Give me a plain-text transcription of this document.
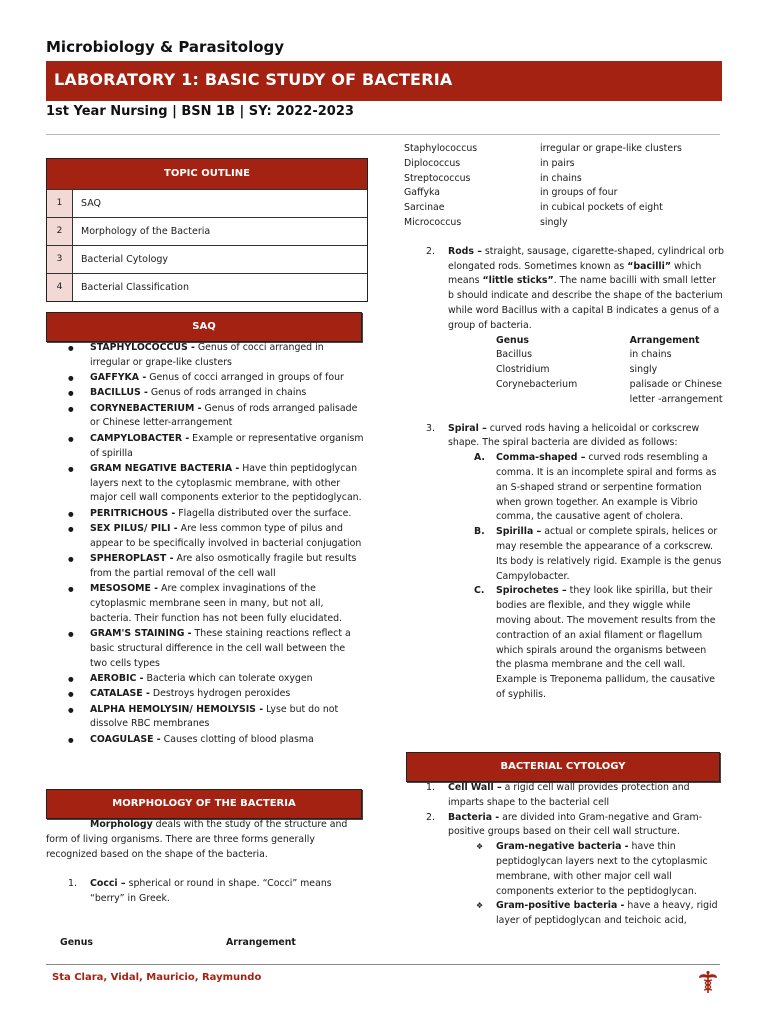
Microbiology & Parasitology
LABORATORY 1: BASIC STUDY OF BACTERIA
1st Year Nursing | BSN 1B | SY: 2022-2023
TOPIC OUTLINE
1	SAQ
2	Morphology of the Bacteria
3	Bacterial Cytology
4	Bacterial Classification
SAQ
● STAPHYLOCOCCUS - Genus of cocci arranged in irregular or grape-like clusters
● GAFFYKA - Genus of cocci arranged in groups of four
● BACILLUS - Genus of rods arranged in chains
● CORYNEBACTERIUM - Genus of rods arranged palisade or Chinese letter-arrangement
● CAMPYLOBACTER - Example or representative organism of spirilla
● GRAM NEGATIVE BACTERIA - Have thin peptidoglycan layers next to the cytoplasmic membrane, with other major cell wall components exterior to the peptidoglycan.
● PERITRICHOUS - Flagella distributed over the surface.
● SEX PILUS/ PILI - Are less common type of pilus and appear to be specifically involved in bacterial conjugation
● SPHEROPLAST - Are also osmotically fragile but results from the partial removal of the cell wall
● MESOSOME - Are complex invaginations of the cytoplasmic membrane seen in many, but not all, bacteria. Their function has not been fully elucidated.
● GRAM'S STAINING - These staining reactions reflect a basic structural difference in the cell wall between the two cells types
● AEROBIC - Bacteria which can tolerate oxygen
● CATALASE - Destroys hydrogen peroxides
● ALPHA HEMOLYSIN/ HEMOLYSIS - Lyse but do not dissolve RBC membranes
● COAGULASE - Causes clotting of blood plasma
MORPHOLOGY OF THE BACTERIA

Morphology deals with the study of the structure and form of living organisms. There are three forms generally recognized based on the shape of the bacteria.

1. Cocci – spherical or round in shape. “Cocci” means “berry” in Greek.
Genus	Arrangement
Staphylococcus	irregular or grape-like clusters
Diplococcus	in pairs
Streptococcus	in chains
Gaffyka	in groups of four
Sarcinae	in cubical pockets of eight
Micrococcus	singly
2. Rods – straight, sausage, cigarette-shaped, cylindrical orb elongated rods. Sometimes known as “bacilli” which means “little sticks”. The name bacilli with small letter b should indicate and describe the shape of the bacterium while word Bacillus with a capital B indicates a genus of a group of bacteria.
Genus	Arrangement
Bacillus	in chains
Clostridium	singly
Corynebacterium	palisade or Chinese letter -arrangement
3. Spiral – curved rods having a helicoidal or corkscrew shape. The spiral bacteria are divided as follows:
A. Comma-shaped – curved rods resembling a comma. It is an incomplete spiral and forms as an S-shaped strand or serpentine formation when grown together. An example is Vibrio comma, the causative agent of cholera.
B. Spirilla – actual or complete spirals, helices or may resemble the appearance of a corkscrew. Its body is relatively rigid. Example is the genus Campylobacter.
C. Spirochetes – they look like spirilla, but their bodies are flexible, and they wiggle while moving about. The movement results from the contraction of an axial filament or flagellum which spirals around the organisms between the plasma membrane and the cell wall. Example is Treponema pallidum, the causative of syphilis.
BACTERIAL CYTOLOGY
1. Cell Wall – a rigid cell wall provides protection and imparts shape to the bacterial cell
2. Bacteria - are divided into Gram-negative and Gram-positive groups based on their cell wall structure.
❖ Gram-negative bacteria - have thin peptidoglycan layers next to the cytoplasmic membrane, with other major cell wall components exterior to the peptidoglycan.
❖ Gram-positive bacteria - have a heavy, rigid layer of peptidoglycan and teichoic acid,
Sta Clara, Vidal, Mauricio, Raymundo
